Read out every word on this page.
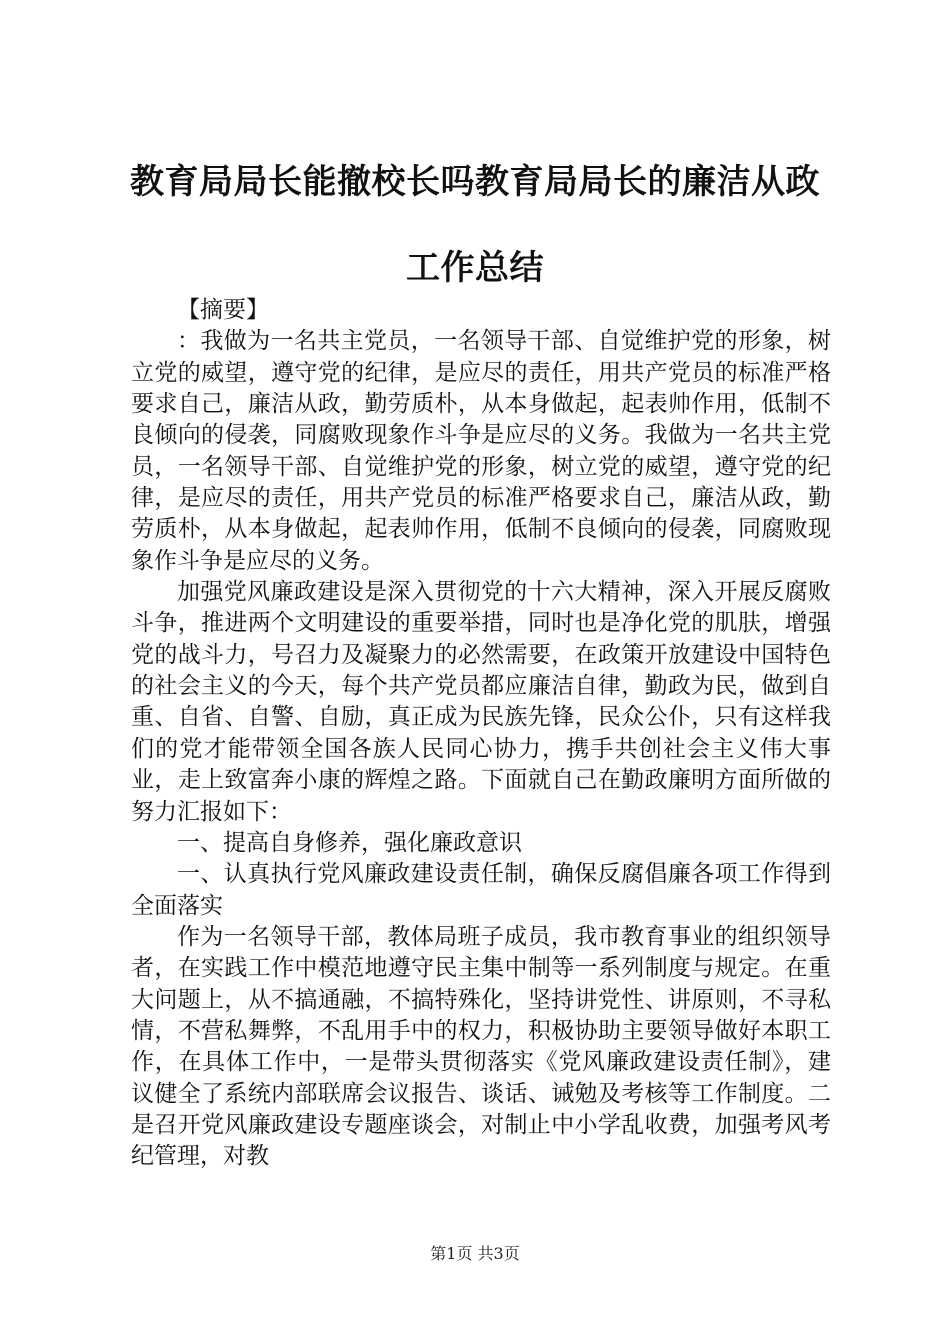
教育局局长能撤校长吗教育局局长的廉洁从政
工作总结

【摘要】

：我做为一名共主党员，一名领导干部、自觉维护党的形象，树立党的威望，遵守党的纪律，是应尽的责任，用共产党员的标准严格要求自己，廉洁从政，勤劳质朴，从本身做起，起表帅作用，低制不良倾向的侵袭，同腐败现象作斗争是应尽的义务。我做为一名共主党员，一名领导干部、自觉维护党的形象，树立党的威望，遵守党的纪律，是应尽的责任，用共产党员的标准严格要求自己，廉洁从政，勤劳质朴，从本身做起，起表帅作用，低制不良倾向的侵袭，同腐败现象作斗争是应尽的义务。

加强党风廉政建设是深入贯彻党的十六大精神，深入开展反腐败斗争，推进两个文明建设的重要举措，同时也是净化党的肌肤，增强党的战斗力，号召力及凝聚力的必然需要，在政策开放建设中国特色的社会主义的今天，每个共产党员都应廉洁自律，勤政为民，做到自重、自省、自警、自励，真正成为民族先锋，民众公仆，只有这样我们的党才能带领全国各族人民同心协力，携手共创社会主义伟大事业，走上致富奔小康的辉煌之路。下面就自己在勤政廉明方面所做的努力汇报如下：

一、提高自身修养，强化廉政意识

一、认真执行党风廉政建设责任制，确保反腐倡廉各项工作得到全面落实

作为一名领导干部，教体局班子成员，我市教育事业的组织领导者，在实践工作中模范地遵守民主集中制等一系列制度与规定。在重大问题上，从不搞通融，不搞特殊化，坚持讲党性、讲原则，不寻私情，不营私舞弊，不乱用手中的权力，积极协助主要领导做好本职工作，在具体工作中，一是带头贯彻落实《党风廉政建设责任制》，建议健全了系统内部联席会议报告、谈话、诫勉及考核等工作制度。二是召开党风廉政建设专题座谈会，对制止中小学乱收费，加强考风考纪管理，对教

第1页 共3页
